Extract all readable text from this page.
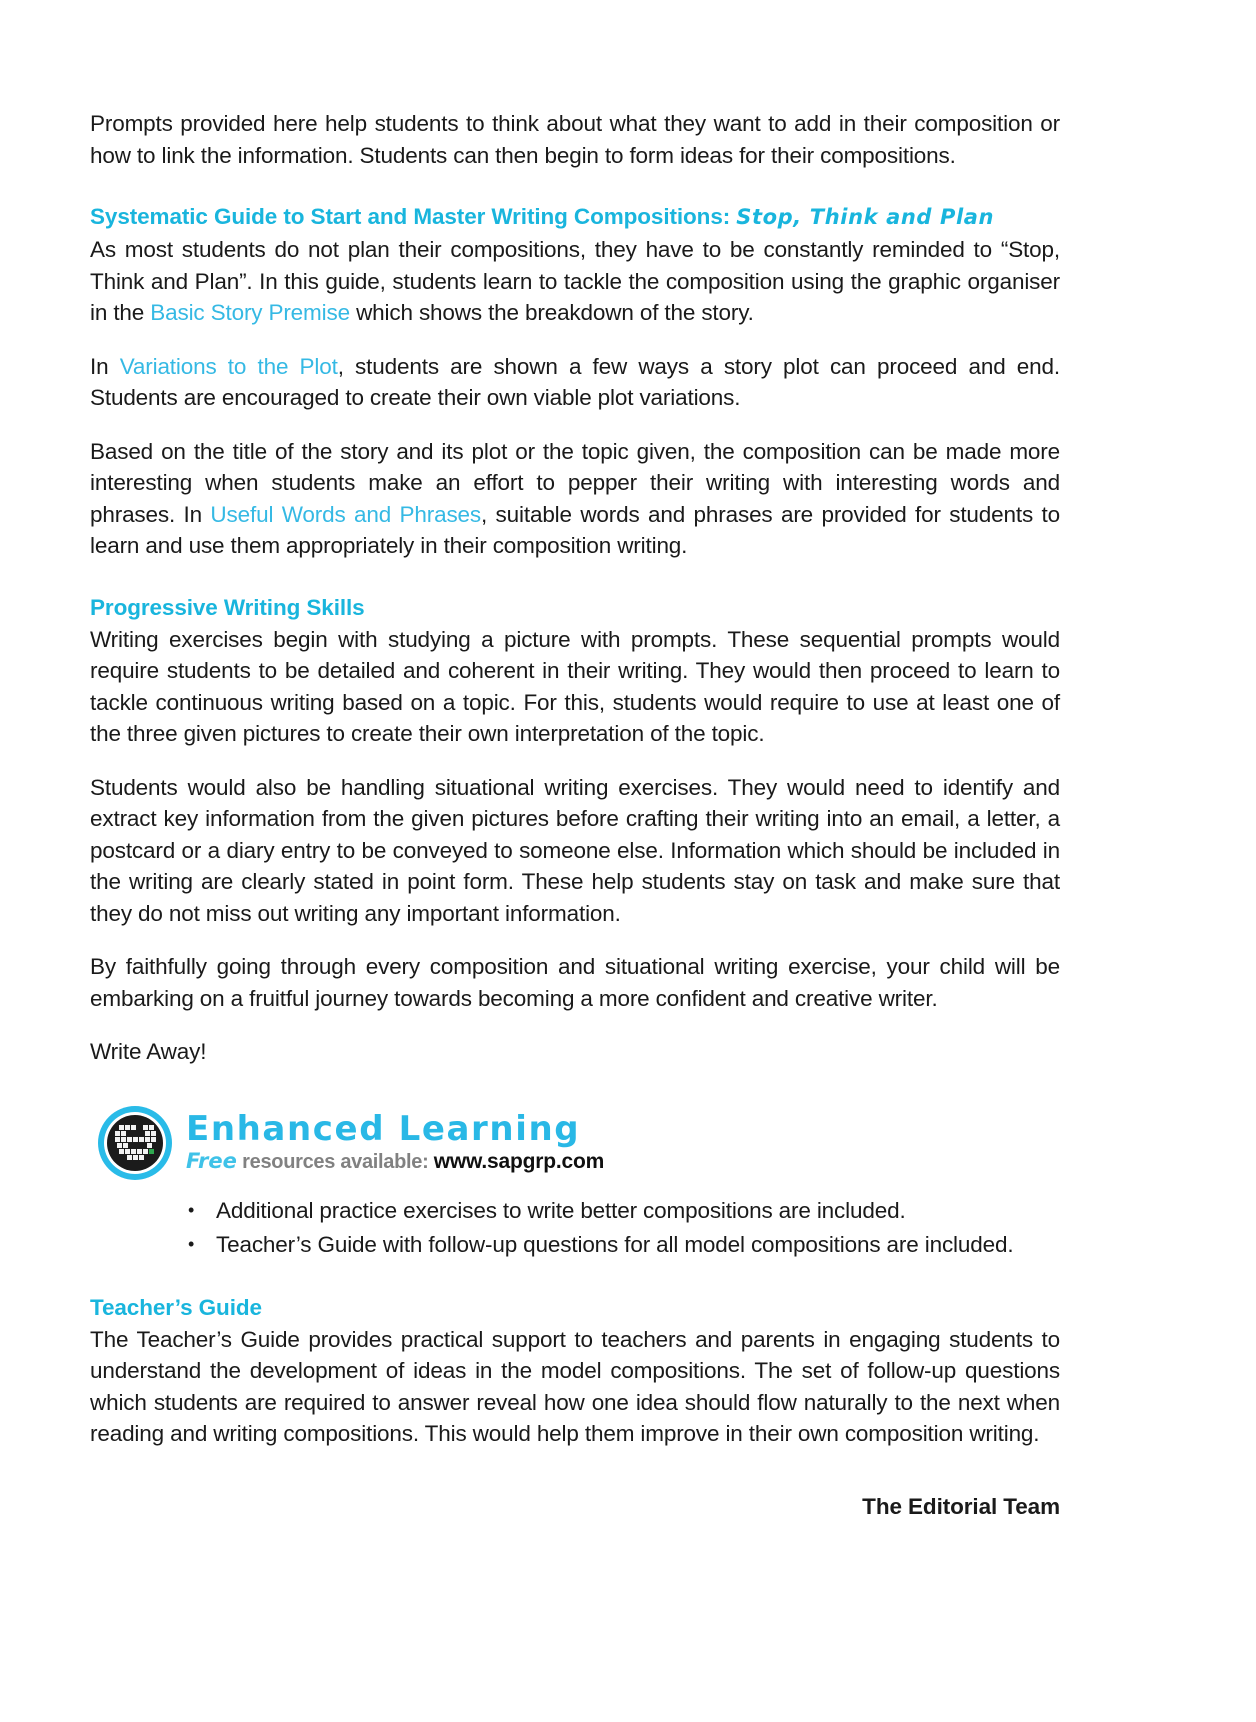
Prompts provided here help students to think about what they want to add in their composition or how to link the information. Students can then begin to form ideas for their compositions.

Systematic Guide to Start and Master Writing Compositions: Stop, Think and Plan

As most students do not plan their compositions, they have to be constantly reminded to “Stop, Think and Plan”. In this guide, students learn to tackle the composition using the graphic organiser in the Basic Story Premise which shows the breakdown of the story.

In Variations to the Plot, students are shown a few ways a story plot can proceed and end. Students are encouraged to create their own viable plot variations.

Based on the title of the story and its plot or the topic given, the composition can be made more interesting when students make an effort to pepper their writing with interesting words and phrases. In Useful Words and Phrases, suitable words and phrases are provided for students to learn and use them appropriately in their composition writing.

Progressive Writing Skills

Writing exercises begin with studying a picture with prompts. These sequential prompts would require students to be detailed and coherent in their writing. They would then proceed to learn to tackle continuous writing based on a topic. For this, students would require to use at least one of the three given pictures to create their own interpretation of the topic.

Students would also be handling situational writing exercises. They would need to identify and extract key information from the given pictures before crafting their writing into an email, a letter, a postcard or a diary entry to be conveyed to someone else. Information which should be included in the writing are clearly stated in point form. These help students stay on task and make sure that they do not miss out writing any important information.

By faithfully going through every composition and situational writing exercise, your child will be embarking on a fruitful journey towards becoming a more confident and creative writer.

Write Away!

Enhanced Learning
Free resources available: www.sapgrp.com
• Additional practice exercises to write better compositions are included.
• Teacher’s Guide with follow-up questions for all model compositions are included.
Teacher’s Guide

The Teacher’s Guide provides practical support to teachers and parents in engaging students to understand the development of ideas in the model compositions. The set of follow-up questions which students are required to answer reveal how one idea should flow naturally to the next when reading and writing compositions. This would help them improve in their own composition writing.

The Editorial Team
